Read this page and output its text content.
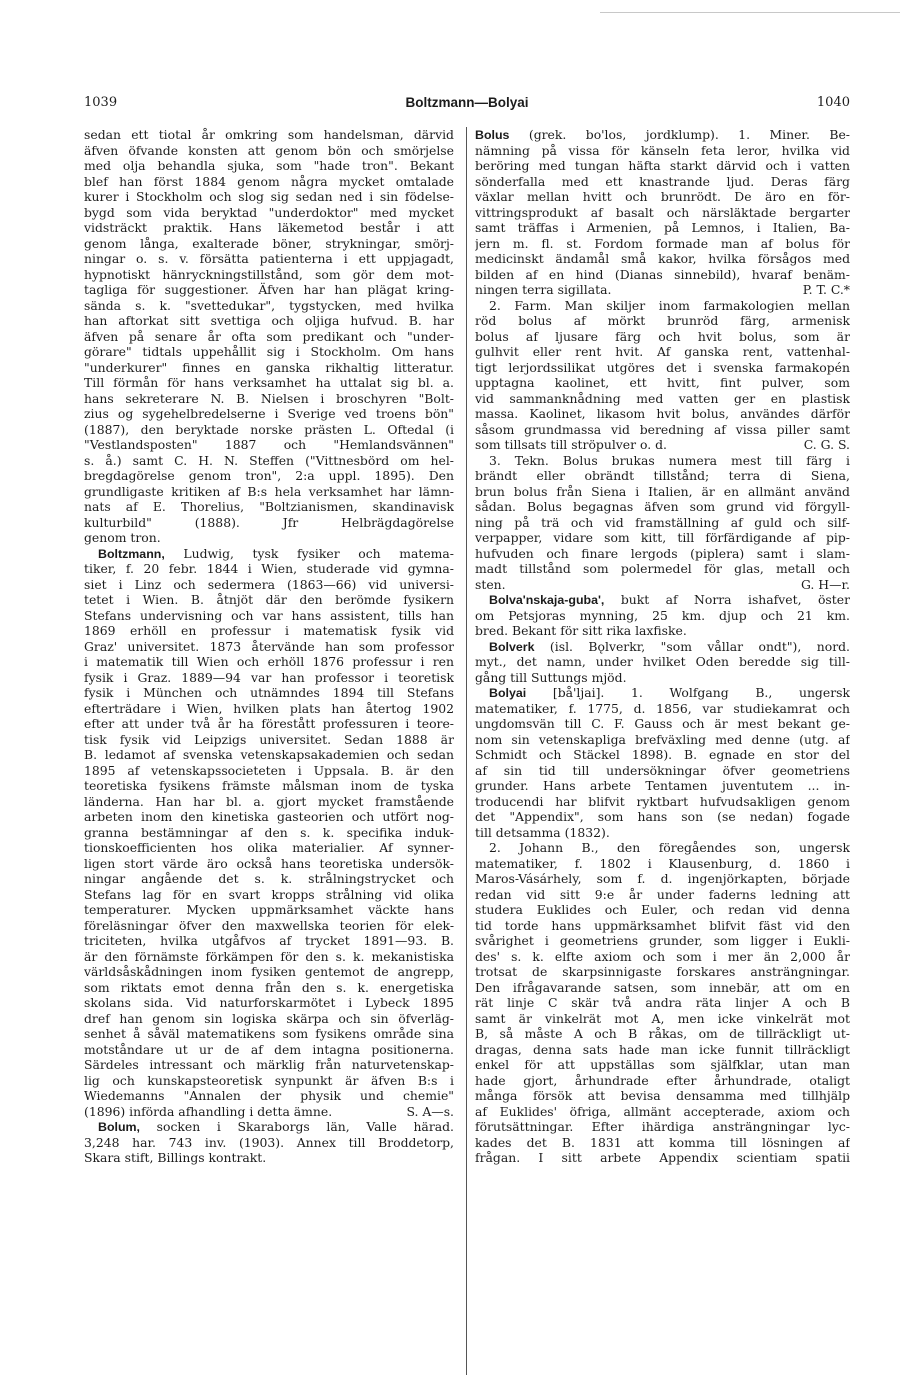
1039	Boltzmann—Bolyai	1040
sedan ett tiotal år omkring som handelsman, därvid
äfven öfvande konsten att genom bön och smörjelse
med olja behandla sjuka, som "hade tron". Bekant
blef han först 1884 genom några mycket omtalade
kurer i Stockholm och slog sig sedan ned i sin födelse-
bygd som vida beryktad "underdoktor" med mycket
vidsträckt praktik. Hans läkemetod består i att
genom långa, exalterade böner, strykningar, smörj-
ningar o. s. v. försätta patienterna i ett uppjagadt,
hypnotiskt hänryckningstillstånd, som gör dem mot-
tagliga för suggestioner. Äfven har han plägat kring-
sända s. k. "svettedukar", tygstycken, med hvilka
han aftorkat sitt svettiga och oljiga hufvud. B. har
äfven på senare år ofta som predikant och "under-
görare" tidtals uppehållit sig i Stockholm. Om hans
"underkurer" finnes en ganska rikhaltig litteratur.
Till förmån för hans verksamhet ha uttalat sig bl. a.
hans sekreterare N. B. Nielsen i broschyren "Bolt-
zius og sygehelbredelserne i Sverige ved troens bön"
(1887), den beryktade norske prästen L. Oftedal (i
"Vestlandsposten" 1887 och "Hemlandsvännen"
s. å.) samt C. H. N. Steffen ("Vittnesbörd om hel-
bregdagörelse genom tron", 2:a uppl. 1895). Den
grundligaste kritiken af B:s hela verksamhet har lämn-
nats af E. Thorelius, "Boltzianismen, skandinavisk
kulturbild" (1888). Jfr Helbrägdagörelse
genom tron.
Boltzmann, Ludwig, tysk fysiker och matema-
tiker, f. 20 febr. 1844 i Wien, studerade vid gymna-
siet i Linz och sedermera (1863—66) vid universi-
tetet i Wien. B. åtnjöt där den berömde fysikern
Stefans undervisning och var hans assistent, tills han
1869 erhöll en professur i matematisk fysik vid
Graz' universitet. 1873 återvände han som professor
i matematik till Wien och erhöll 1876 professur i ren
fysik i Graz. 1889—94 var han professor i teoretisk
fysik i München och utnämndes 1894 till Stefans
efterträdare i Wien, hvilken plats han återtog 1902
efter att under två år ha förestått professuren i teore-
tisk fysik vid Leipzigs universitet. Sedan 1888 är
B. ledamot af svenska vetenskapsakademien och sedan
1895 af vetenskapssocieteten i Uppsala. B. är den
teoretiska fysikens främste målsman inom de tyska
länderna. Han har bl. a. gjort mycket framstående
arbeten inom den kinetiska gasteorien och utfört nog-
granna bestämningar af den s. k. specifika induk-
tionskoefficienten hos olika materialier. Af synner-
ligen stort värde äro också hans teoretiska undersök-
ningar angående det s. k. strålningstrycket och
Stefans lag för en svart kropps strålning vid olika
temperaturer. Mycken uppmärksamhet väckte hans
föreläsningar öfver den maxwellska teorien för elek-
triciteten, hvilka utgåfvos af trycket 1891—93. B.
är den förnämste förkämpen för den s. k. mekanistiska
världsåskådningen inom fysiken gentemot de angrepp,
som riktats emot denna från den s. k. energetiska
skolans sida. Vid naturforskarmötet i Lybeck 1895
dref han genom sin logiska skärpa och sin öfverläg-
senhet å såväl matematikens som fysikens område sina
motståndare ut ur de af dem intagna positionerna.
Särdeles intressant och märklig från naturvetenskap-
lig och kunskapsteoretisk synpunkt är äfven B:s i
Wiedemanns "Annalen der physik und chemie"
S. A—s.
(1896) införda afhandling i detta ämne.
Bolum, socken i Skaraborgs län, Valle härad.
3,248 har. 743 inv. (1903). Annex till Broddetorp,
Skara stift, Billings kontrakt.
Bolus (grek. bo'los, jordklump). 1. Miner. Be-
nämning på vissa för känseln feta leror, hvilka vid
beröring med tungan häfta starkt därvid och i vatten
sönderfalla med ett knastrande ljud. Deras färg
växlar mellan hvitt och brunrödt. De äro en för-
vittringsprodukt af basalt och närsläktade bergarter
samt träffas i Armenien, på Lemnos, i Italien, Ba-
jern m. fl. st. Fordom formade man af bolus för
medicinskt ändamål små kakor, hvilka försågos med
bilden af en hind (Dianas sinnebild), hvaraf benäm-
P. T. C.*
ningen terra sigillata.
2. Farm. Man skiljer inom farmakologien mellan
röd bolus af mörkt brunröd färg, armenisk
bolus af ljusare färg och hvit bolus, som är
gulhvit eller rent hvit. Af ganska rent, vattenhal-
tigt lerjordssilikat utgöres det i svenska farmakopén
upptagna kaolinet, ett hvitt, fint pulver, som
vid sammanknådning med vatten ger en plastisk
massa. Kaolinet, likasom hvit bolus, användes därför
såsom grundmassa vid beredning af vissa piller samt
C. G. S.
som tillsats till ströpulver o. d.
3. Tekn. Bolus brukas numera mest till färg i
brändt eller obrändt tillstånd; terra di Siena,
brun bolus från Siena i Italien, är en allmänt använd
sådan. Bolus begagnas äfven som grund vid förgyll-
ning på trä och vid framställning af guld och silf-
verpapper, vidare som kitt, till förfärdigande af pip-
hufvuden och finare lergods (piplera) samt i slam-
madt tillstånd som polermedel för glas, metall och
G. H—r.
sten.
Bolva'nskaja-guba', bukt af Norra ishafvet, öster
om Petsjoras mynning, 25 km. djup och 21 km.
bred. Bekant för sitt rika laxfiske.
Bolverk (isl. Bǫlverkr, "som vållar ondt"), nord.
myt., det namn, under hvilket Oden beredde sig till-
gång till Suttungs mjöd.
Bolyai [bå'ljai]. 1. Wolfgang B., ungersk
matematiker, f. 1775, d. 1856, var studiekamrat och
ungdomsvän till C. F. Gauss och är mest bekant ge-
nom sin vetenskapliga brefväxling med denne (utg. af
Schmidt och Stäckel 1898). B. egnade en stor del
af sin tid till undersökningar öfver geometriens
grunder. Hans arbete Tentamen juventutem ... in-
troducendi har blifvit ryktbart hufvudsakligen genom
det "Appendix", som hans son (se nedan) fogade
till detsamma (1832).
2. Johann B., den föregåendes son, ungersk
matematiker, f. 1802 i Klausenburg, d. 1860 i
Maros-Vásárhely, som f. d. ingenjörkapten, började
redan vid sitt 9:e år under faderns ledning att
studera Euklides och Euler, och redan vid denna
tid torde hans uppmärksamhet blifvit fäst vid den
svårighet i geometriens grunder, som ligger i Eukli-
des' s. k. elfte axiom och som i mer än 2,000 år
trotsat de skarpsinnigaste forskares ansträngningar.
Den ifrågavarande satsen, som innebär, att om en
rät linje C skär två andra räta linjer A och B
samt är vinkelrät mot A, men icke vinkelrät mot
B, så måste A och B råkas, om de tillräckligt ut-
dragas, denna sats hade man icke funnit tillräckligt
enkel för att uppställas som själfklar, utan man
hade gjort, århundrade efter århundrade, otaligt
många försök att bevisa densamma med tillhjälp
af Euklides' öfriga, allmänt accepterade, axiom och
förutsättningar. Efter ihärdiga ansträngningar lyc-
kades det B. 1831 att komma till lösningen af
frågan. I sitt arbete Appendix scientiam spatii
